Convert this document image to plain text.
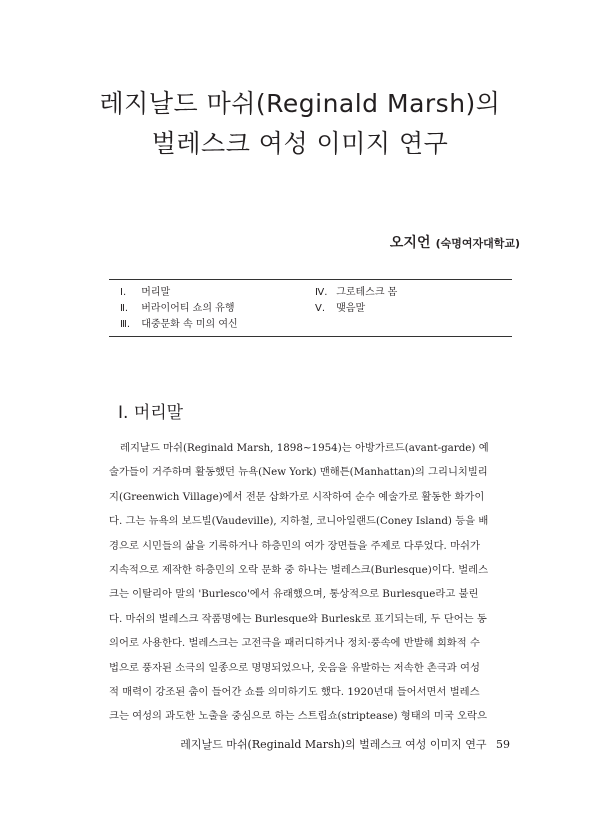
레지날드 마쉬(Reginald Marsh)의
벌레스크 여성 이미지 연구
오지언 (숙명여자대학교)
Ⅰ. 머리말
Ⅱ. 버라이어티 쇼의 유행
Ⅲ. 대중문화 속 미의 여신
Ⅳ. 그로테스크 몸
Ⅴ. 맺음말
Ⅰ. 머리말
레지날드 마쉬(Reginald Marsh, 1898~1954)는 아방가르드(avant-garde) 예
술가들이 거주하며 활동했던 뉴욕(New York) 맨해튼(Manhattan)의 그리니치빌리
지(Greenwich Village)에서 전문 삽화가로 시작하여 순수 예술가로 활동한 화가이
다. 그는 뉴욕의 보드빌(Vaudeville), 지하철, 코니아일랜드(Coney Island) 등을 배
경으로 시민들의 삶을 기록하거나 하층민의 여가 장면들을 주제로 다루었다. 마쉬가
지속적으로 제작한 하층민의 오락 문화 중 하나는 벌레스크(Burlesque)이다. 벌레스
크는 이탈리아 말의 'Burlesco'에서 유래했으며, 통상적으로 Burlesque라고 불린
다. 마쉬의 벌레스크 작품명에는 Burlesque와 Burlesk로 표기되는데, 두 단어는 동
의어로 사용한다. 벌레스크는 고전극을 패러디하거나 정치·풍속에 반발해 희화적 수
법으로 풍자된 소극의 일종으로 명명되었으나, 웃음을 유발하는 저속한 촌극과 여성
적 매력이 강조된 춤이 들어간 쇼를 의미하기도 했다. 1920년대 들어서면서 벌레스
크는 여성의 과도한 노출을 중심으로 하는 스트립쇼(striptease) 형태의 미국 오락으
레지날드 마쉬(Reginald Marsh)의 벌레스크 여성 이미지 연구 59
